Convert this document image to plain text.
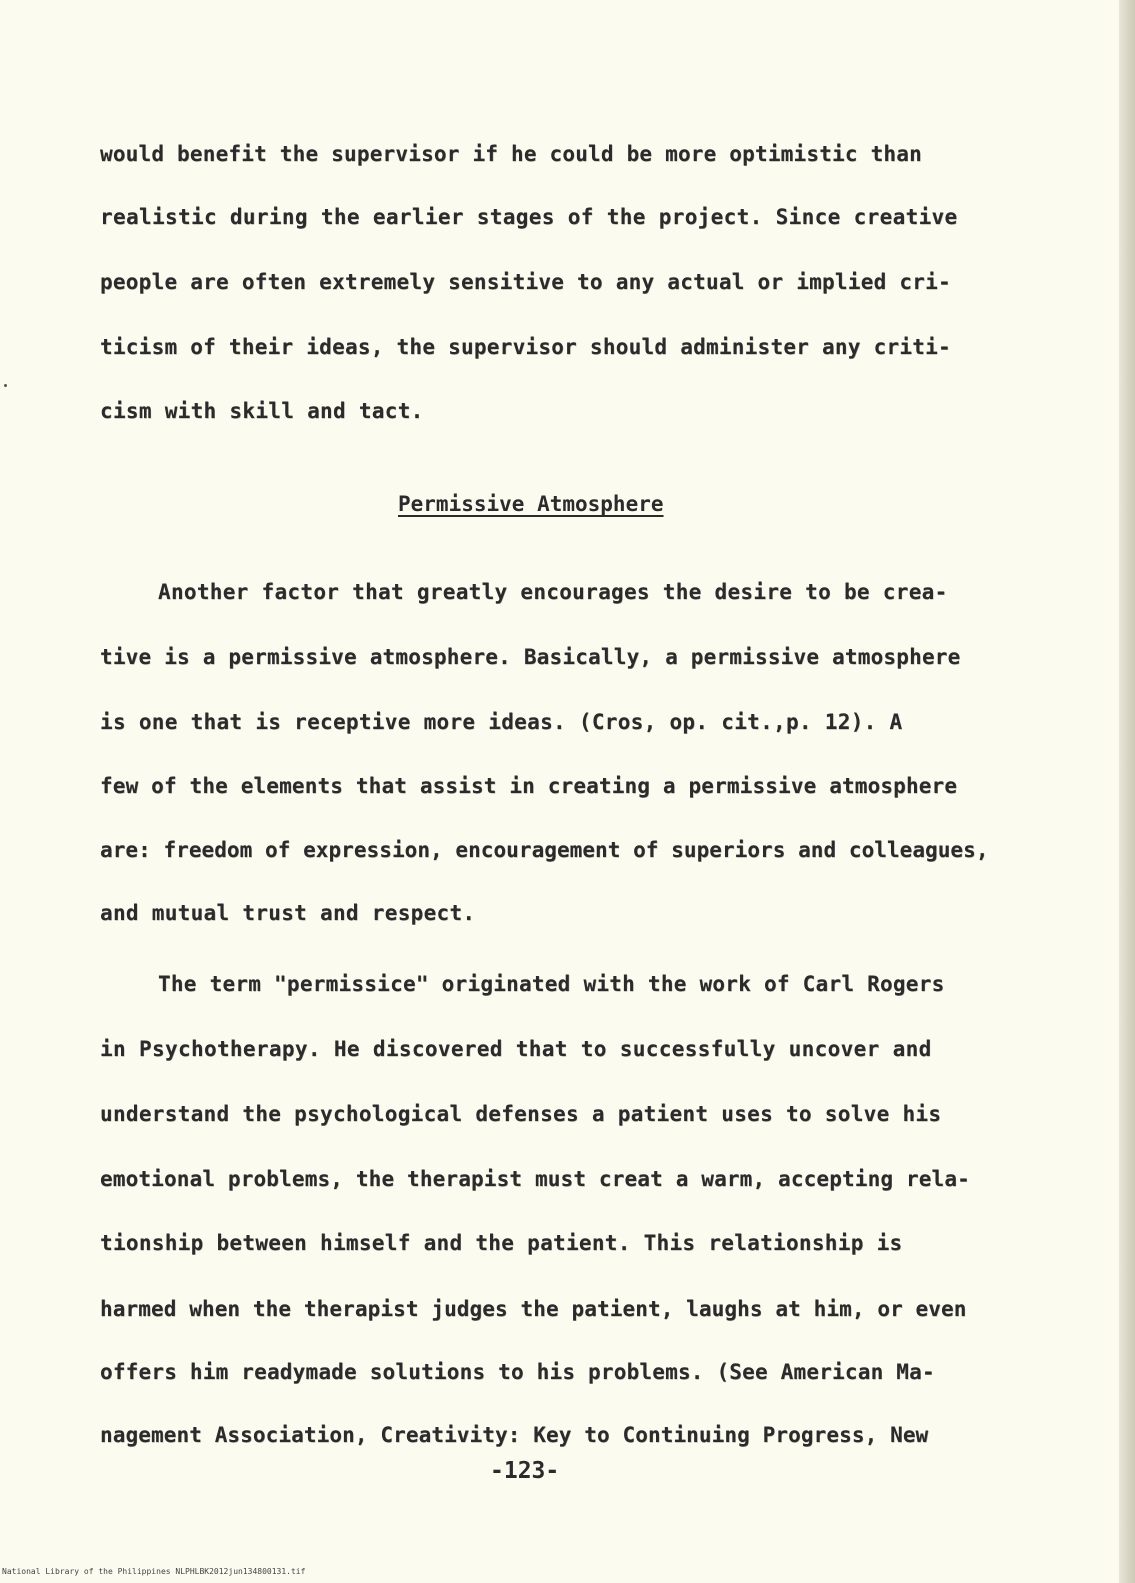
would benefit the supervisor if he could be more optimistic than
realistic during the earlier stages of the project. Since creative
people are often extremely sensitive to any actual or implied cri-
ticism of their ideas, the supervisor should administer any criti-
cism with skill and tact.
Permissive Atmosphere
Another factor that greatly encourages the desire to be crea-
tive is a permissive atmosphere. Basically, a permissive atmosphere
is one that is receptive more ideas. (Cros, op. cit.,p. 12). A
few of the elements that assist in creating a permissive atmosphere
are: freedom of expression, encouragement of superiors and colleagues,
and mutual trust and respect.
The term "permissice" originated with the work of Carl Rogers
in Psychotherapy. He discovered that to successfully uncover and
understand the psychological defenses a patient uses to solve his
emotional problems, the therapist must creat a warm, accepting rela-
tionship between himself and the patient. This relationship is
harmed when the therapist judges the patient, laughs at him, or even
offers him readymade solutions to his problems. (See American Ma-
nagement Association, Creativity: Key to Continuing Progress, New
-123-
National Library of the Philippines NLPHLBK2012jun134800131.tif
